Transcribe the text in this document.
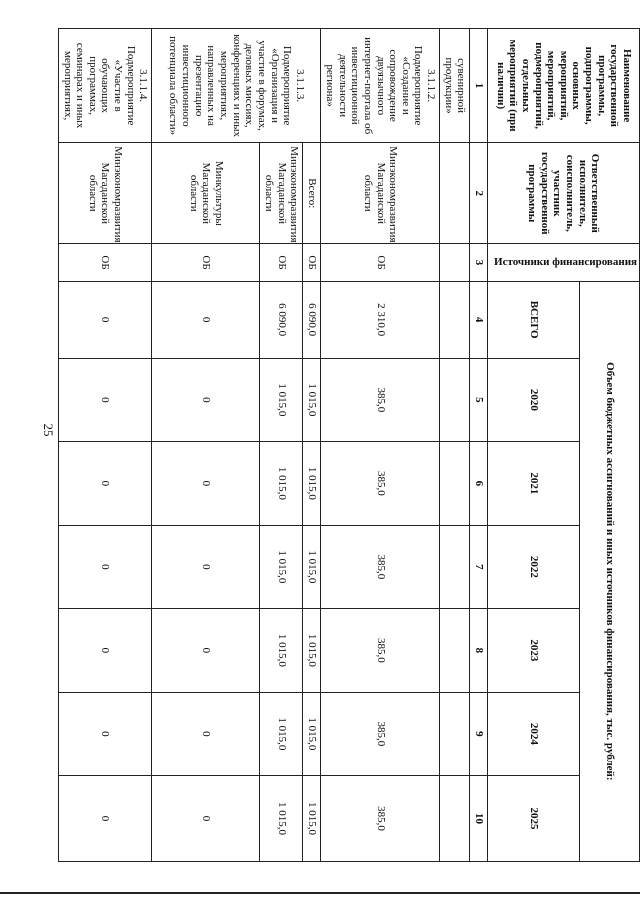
25
Наименование государственной программы, подпрограммы, основных мероприятий, мероприятий, подмероприятий, отдельных мероприятий (при наличии)	Ответственный исполнитель, соисполнитель, участник государственной программы	Источники финансирования	Объем бюджетных ассигнований и иных источников финансирования, тыс. рублей:						
			ВСЕГО	2020	2021	2022	2023	2024	2025
1	2	3	4	5	6	7	8	9	10
сувенирной продукции»									
3.1.1.2. Подмероприятие «Создание и сопровождение двуязычного интернет-портала об инвестиционной деятельности региона»	Минэкономразвития Магаданской области	ОБ	2 310,0	385,0	385,0	385,0	385,0	385,0	385,0
3.1.1.3. Подмероприятие «Организация и участие в форумах, деловых миссиях, конференциях и иных мероприятиях, направленных на презентацию инвестиционного потенциала области»	Всего:	ОБ	6 090,0	1 015,0	1 015,0	1 015,0	1 015,0	1 015,0	1 015,0
	Минэкономразвития Магаданской области	ОБ	6 090,0	1 015,0	1 015,0	1 015,0	1 015,0	1 015,0	1 015,0
	Минкультуры Магаданской области	ОБ	0	0	0	0	0	0	0
3.1.1.4. Подмероприятие «Участие в обучающих программах, семинарах и иных мероприятиях,	Минэкономразвития Магаданской области	ОБ	0	0	0	0	0	0	0
